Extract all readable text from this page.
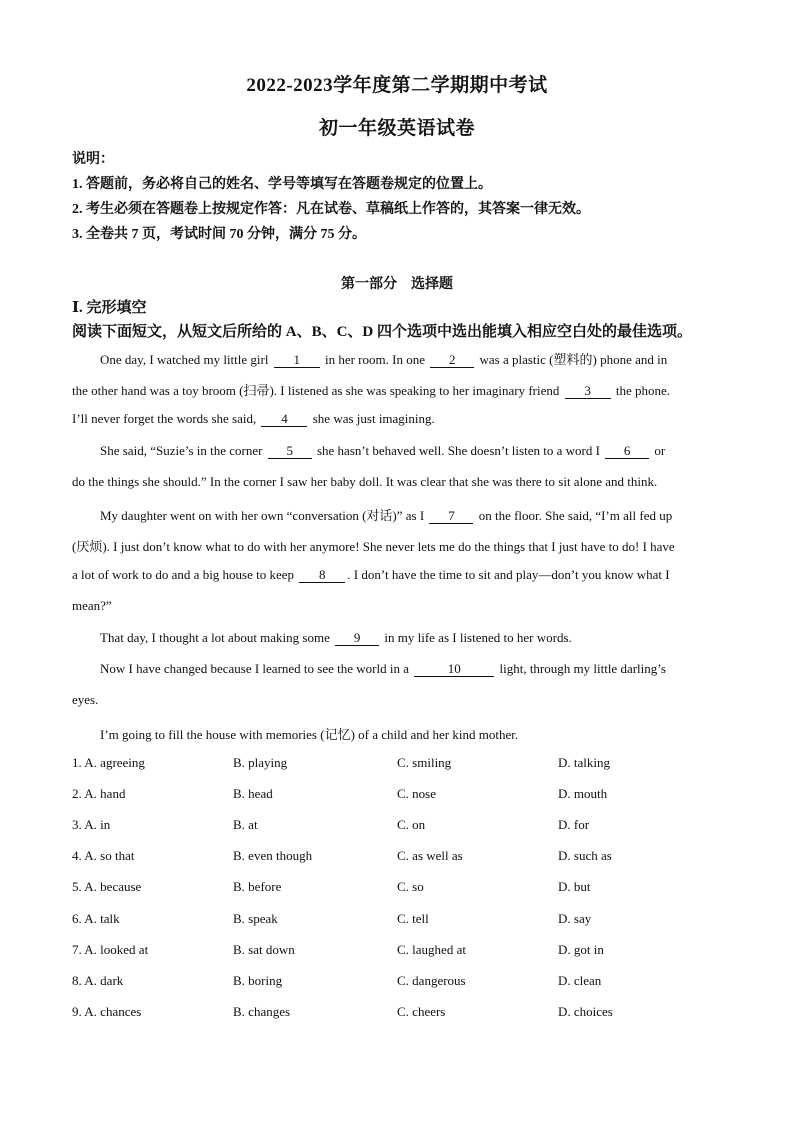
2022-2023学年度第二学期期中考试
初一年级英语试卷
说明：
1. 答题前，务必将自己的姓名、学号等填写在答题卷规定的位置上。
2. 考生必须在答题卷上按规定作答：凡在试卷、草稿纸上作答的，其答案一律无效。
3. 全卷共 7 页，考试时间 70 分钟，满分 75 分。
第一部分　选择题
Ⅰ. 完形填空
阅读下面短文，从短文后所给的 A、B、C、D 四个选项中选出能填入相应空白处的最佳选项。
One day, I watched my little girl 1 in her room. In one 2 was a plastic (塑料的) phone and in
the other hand was a toy broom (扫帚). I listened as she was speaking to her imaginary friend 3 the phone.
I’ll never forget the words she said, 4 she was just imagining.
She said, “Suzie’s in the corner 5 she hasn’t behaved well. She doesn’t listen to a word I 6 or
do the things she should.” In the corner I saw her baby doll. It was clear that she was there to sit alone and think.
My daughter went on with her own “conversation (对话)” as I 7 on the floor. She said, “I’m all fed up
(厌烦). I just don’t know what to do with her anymore! She never lets me do the things that I just have to do! I have
a lot of work to do and a big house to keep 8 . I don’t have the time to sit and play—don’t you know what I
mean?”
That day, I thought a lot about making some 9 in my life as I listened to her words.
Now I have changed because I learned to see the world in a	10	light, through my little darling’s
eyes.
I’m going to fill the house with memories (记忆) of a child and her kind mother.
1. A. agreeing	B. playing	C. smiling	D. talking
2. A. hand	B. head	C. nose	D. mouth
3. A. in	B. at	C. on	D. for
4. A. so that	B. even though	C. as well as	D. such as
5. A. because	B. before	C. so	D. but
6. A. talk	B. speak	C. tell	D. say
7. A. looked at	B. sat down	C. laughed at	D. got in
8. A. dark	B. boring	C. dangerous	D. clean
9. A. chances	B. changes	C. cheers	D. choices
